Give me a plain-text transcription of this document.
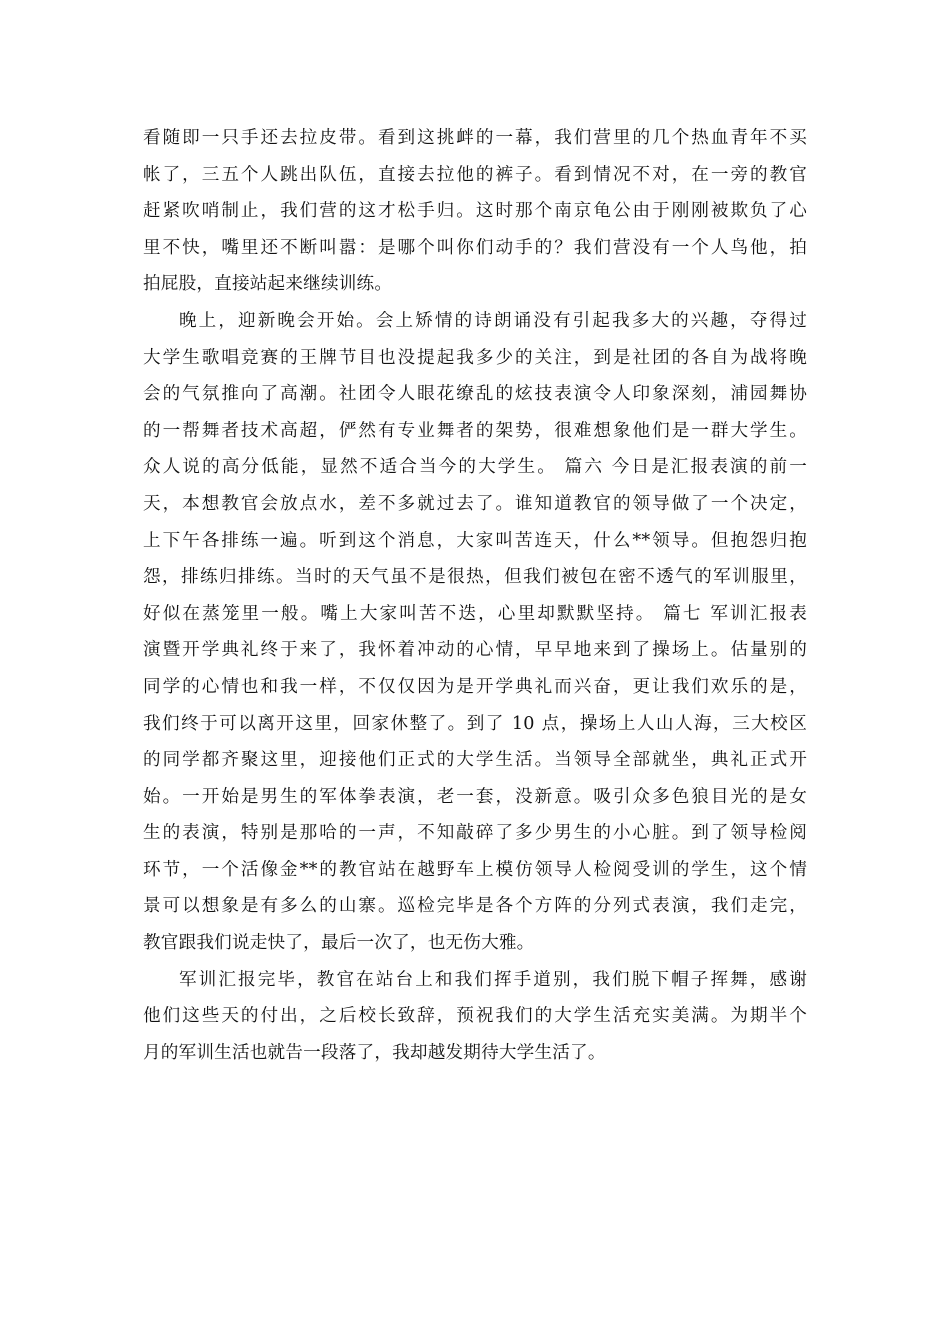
看随即一只手还去拉皮带。看到这挑衅的一幕，我们营里的几个热血青年不买
帐了，三五个人跳出队伍，直接去拉他的裤子。看到情况不对，在一旁的教官
赶紧吹哨制止，我们营的这才松手归。这时那个南京龟公由于刚刚被欺负了心
里不快，嘴里还不断叫嚣：是哪个叫你们动手的？我们营没有一个人鸟他，拍
拍屁股，直接站起来继续训练。
晚上，迎新晚会开始。会上矫情的诗朗诵没有引起我多大的兴趣，夺得过
大学生歌唱竞赛的王牌节目也没提起我多少的关注，到是社团的各自为战将晚
会的气氛推向了高潮。社团令人眼花缭乱的炫技表演令人印象深刻，浦园舞协
的一帮舞者技术高超，俨然有专业舞者的架势，很难想象他们是一群大学生。
众人说的高分低能，显然不适合当今的大学生。 篇六 今日是汇报表演的前一
天，本想教官会放点水，差不多就过去了。谁知道教官的领导做了一个决定，
上下午各排练一遍。听到这个消息，大家叫苦连天，什么**领导。但抱怨归抱
怨，排练归排练。当时的天气虽不是很热，但我们被包在密不透气的军训服里，
好似在蒸笼里一般。嘴上大家叫苦不迭，心里却默默坚持。 篇七 军训汇报表
演暨开学典礼终于来了，我怀着冲动的心情，早早地来到了操场上。估量别的
同学的心情也和我一样，不仅仅因为是开学典礼而兴奋，更让我们欢乐的是，
我们终于可以离开这里，回家休整了。到了 10 点，操场上人山人海，三大校区
的同学都齐聚这里，迎接他们正式的大学生活。当领导全部就坐，典礼正式开
始。一开始是男生的军体拳表演，老一套，没新意。吸引众多色狼目光的是女
生的表演，特别是那哈的一声，不知敲碎了多少男生的小心脏。到了领导检阅
环节，一个活像金**的教官站在越野车上模仿领导人检阅受训的学生，这个情
景可以想象是有多么的山寨。巡检完毕是各个方阵的分列式表演，我们走完，
教官跟我们说走快了，最后一次了，也无伤大雅。
军训汇报完毕，教官在站台上和我们挥手道别，我们脱下帽子挥舞，感谢
他们这些天的付出，之后校长致辞，预祝我们的大学生活充实美满。为期半个
月的军训生活也就告一段落了，我却越发期待大学生活了。
